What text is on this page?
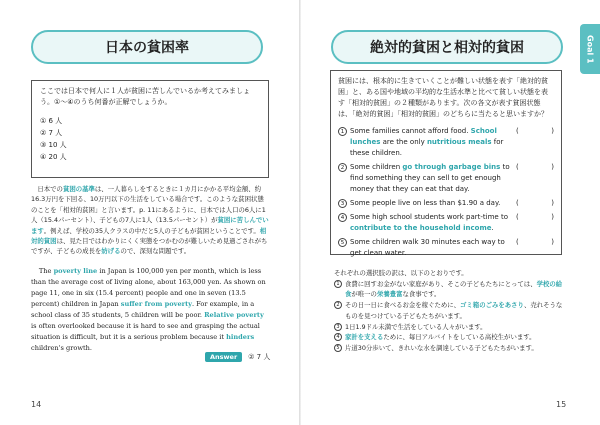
日本の貧困率
ここでは日本で何人に１人が貧困に苦しんでいるか考えてみましょう。①〜④のうち何番が正解でしょうか。
① 6 人
② 7 人
③ 10 人
④ 20 人
日本での貧困の基準は、一人暮らしをするときに１カ月にかかる平均金額、約16.3万円を下回る、10万円以下の生活をしている場合です。このような貧困状態のことを「相対的貧困」と言います。p. 11にあるように、日本では人口の6人に1人（15.4パーセント）、子どもの7人に1人（13.5パーセント）が貧困に苦しんでいます。例えば、学校の35人クラスの中だと5人の子どもが貧困ということです。相対的貧困は、見た目ではわかりにくく実態をつかむのが難しいため見過ごされがちですが、子どもの成長を妨げるので、深刻な問題です。
The poverty line in Japan is 100,000 yen per month, which is less than the average cost of living alone, about 163,000 yen. As shown on page 11, one in six (15.4 percent) people and one in seven (13.5 percent) children in Japan suffer from poverty. For example, in a school class of 35 students, 5 children will be poor. Relative poverty is often overlooked because it is hard to see and grasping the actual situation is difficult, but it is a serious problem because it hinders children's growth.
Answer	② 7 人
14
Goal 1
絶対的貧困と相対的貧困
貧困には、根本的に生きていくことが難しい状態を表す「絶対的貧困」と、ある国や地域の平均的な生活水準と比べて貧しい状態を表す「相対的貧困」の２種類があります。次の各文が表す貧困状態は、「絶対的貧困」「相対的貧困」のどちらに当たると思いますか？
1 Some families cannot afford food. School lunches are the only nutritious meals for these children.
(	)
2 Some children go through garbage bins to find something they can sell to get enough money that they can eat that day.
(	)
3 Some people live on less than $1.90 a day.	(	)
4 Some high school students work part-time to contribute to the household income.
(	)
5 Some children walk 30 minutes each way to get clean water.
(	)
それぞれの選択肢の訳は、以下のとおりです。
1 食費に回すお金がない家庭があり、そこの子どもたちにとっては、学校の給食が唯一の栄養豊富な食事です。
2 その日一日に食べるお金を稼ぐために、ゴミ箱のごみをあさり、売れそうなものを見つけている子どもたちがいます。
3 1日1.9ドル未満で生活をしている人々がいます。
4 家計を支えるために、毎日アルバイトをしている高校生がいます。
5 片道30分歩いて、きれいな水を調達している子どもたちがいます。
15
